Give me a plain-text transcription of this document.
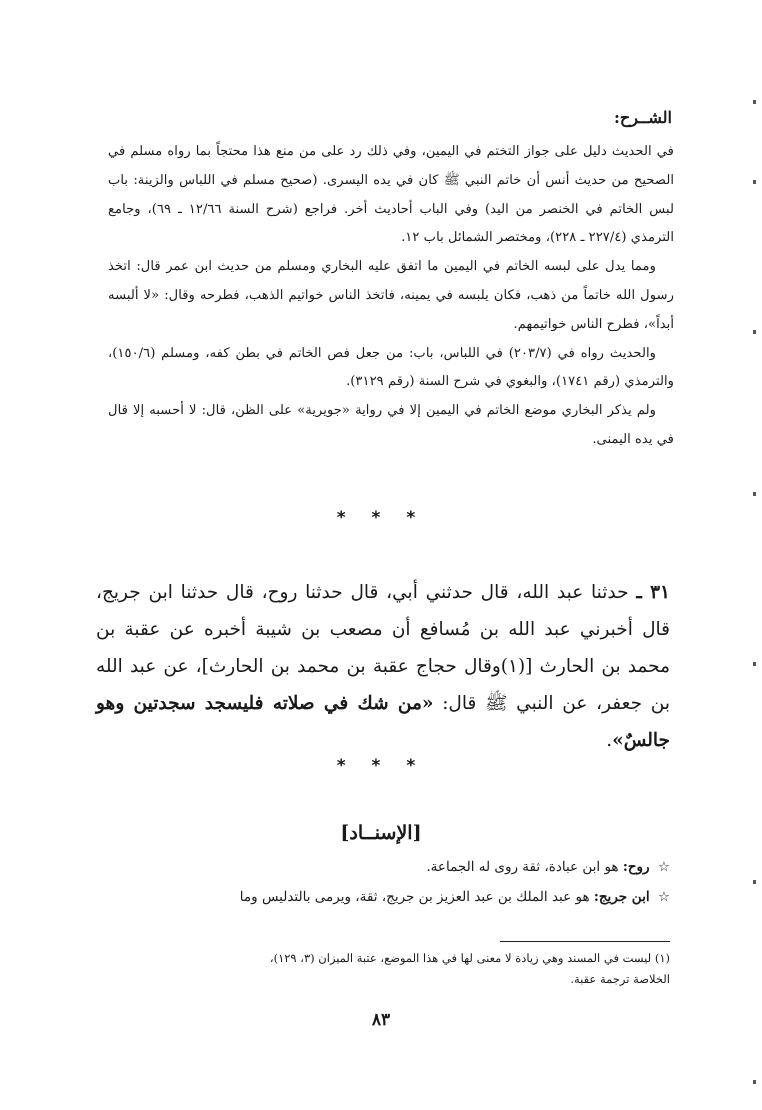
الشــرح:

في الحديث دليل على جواز التختم في اليمين، وفي ذلك رد على من منع هذا محتجاً بما رواه مسلم في الصحيح من حديث أنس أن خاتم النبي ﷺ كان في يده اليسرى. (صحيح مسلم في اللباس والزينة: باب لبس الخاتم في الخنصر من اليد) وفي الباب أحاديث أخر. فراجع (شرح السنة ١٢/٦٦ ـ ٦٩)، وجامع الترمذي (٢٢٧/٤ ـ ٢٢٨)، ومختصر الشمائل باب ١٢.

ومما يدل على لبسه الخاتم في اليمين ما اتفق عليه البخاري ومسلم من حديث ابن عمر قال: اتخذ رسول الله خاتماً من ذهب، فكان يلبسه في يمينه، فاتخذ الناس خواتيم الذهب، فطرحه وقال: «لا ألبسه أبداً»، فطرح الناس خواتيمهم.

والحديث رواه في (٢٠٣/٧) في اللباس، باب: من جعل فص الخاتم في بطن كفه، ومسلم (١٥٠/٦)، والترمذي (رقم ١٧٤١)، والبغوي في شرح السنة (رقم ٣١٢٩).

ولم يذكر البخاري موضع الخاتم في اليمين إلا في رواية «جويرية» على الظن، قال: لا أحسبه إلا قال في يده اليمنى.

* * *
٣١ ـ حدثنا عبد الله، قال حدثني أبي، قال حدثنا روح، قال حدثنا ابن جريج، قال أخبرني عبد الله بن مُسافع أن مصعب بن شيبة أخبره عن عقبة بن محمد بن الحارث [(١)وقال حجاج عقبة بن محمد بن الحارث]، عن عبد الله بن جعفر، عن النبي ﷺ قال: «من شك في صلاته فليسجد سجدتين وهو جالسٌ».
* * *
[الإسنــاد]

☆ روح: هو ابن عبادة، ثقة روى له الجماعة.

☆ ابن جريج: هو عبد الملك بن عبد العزيز بن جريج، ثقة، ويرمى بالتدليس وما

(١) ليست في المسند وهي زيادة لا معنى لها في هذا الموضع، عتبة الميزان (٣، ١٢٩)،

الخلاصة ترجمة عقبة.

٨٣
